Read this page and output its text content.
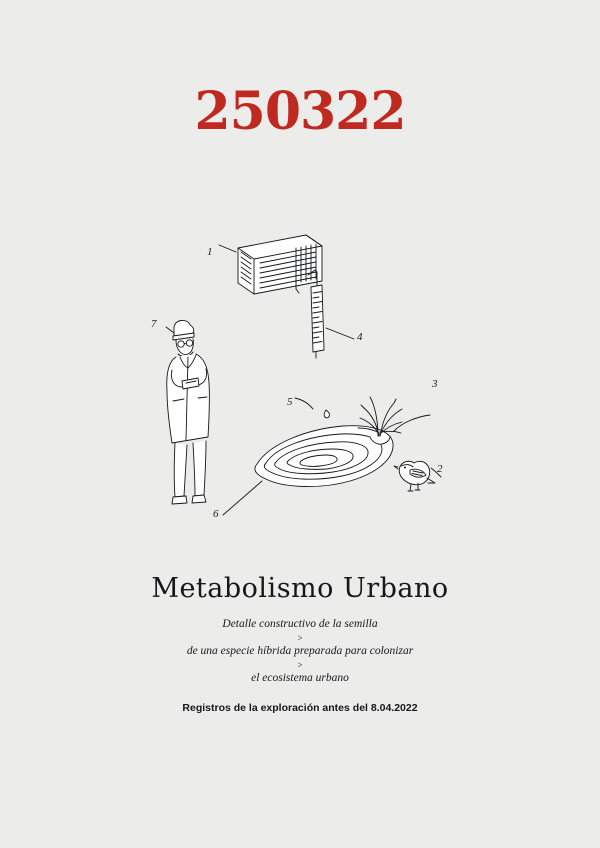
250322
1
2
3
4
5
6
7
Metabolismo Urbano
Detalle constructivo de la semilla
>
de una especie híbrida preparada para colonizar
>
el ecosistema urbano
Registros de la exploración antes del 8.04.2022
